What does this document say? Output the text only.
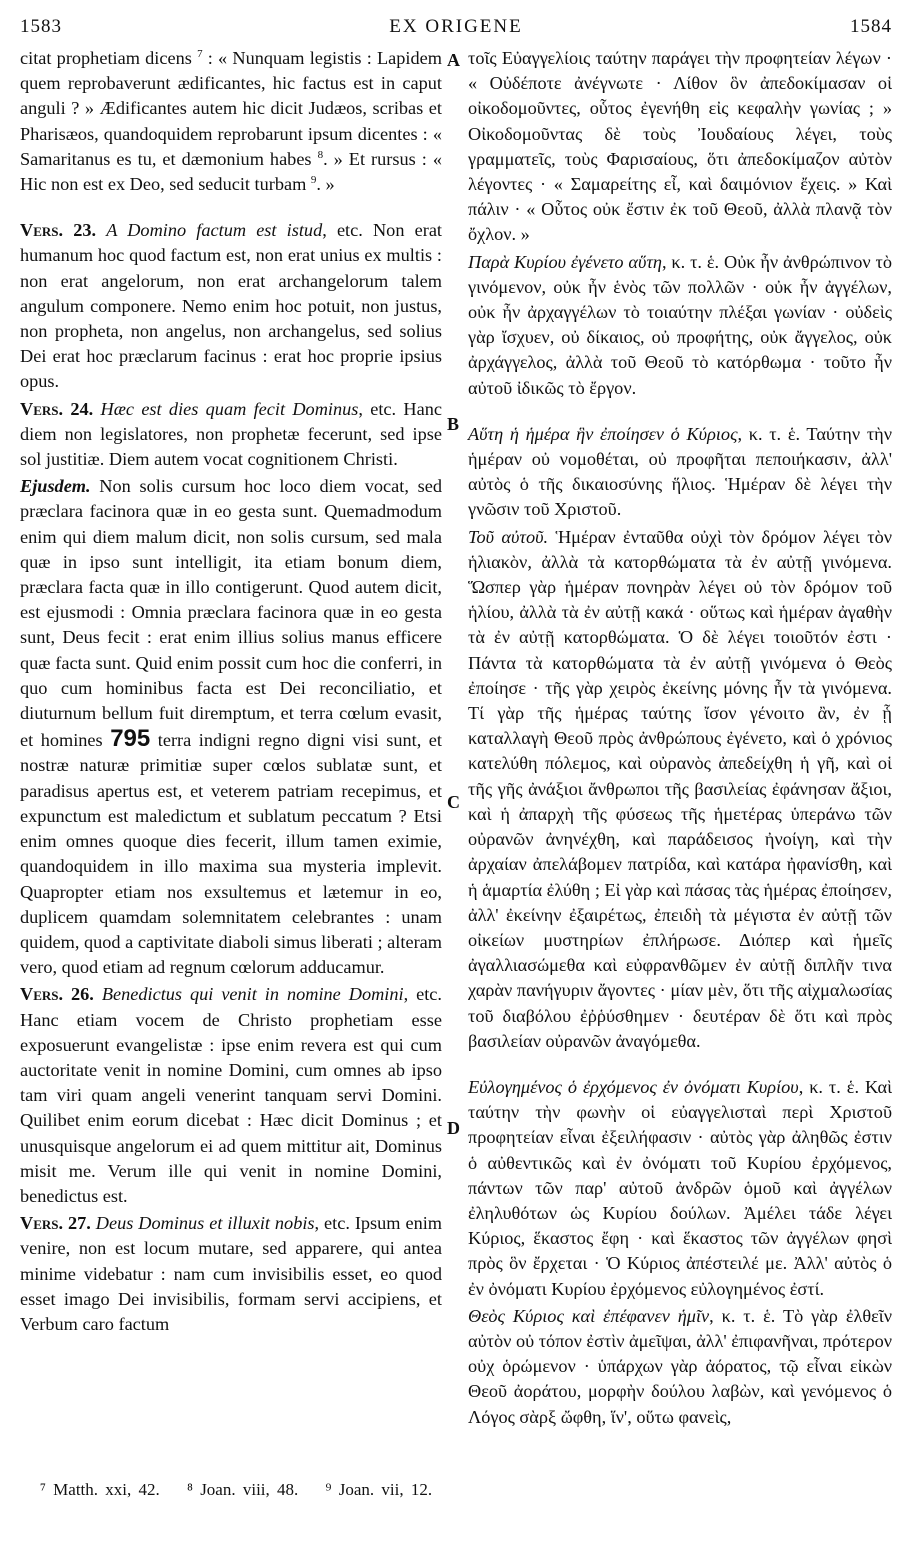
1583	EX ORIGENE	1584

citat prophetiam dicens $^7$ : « Nunquam legistis : Lapidem quem reprobaverunt ædificantes, hic factus est in caput anguli ? » Ædificantes autem hic dicit Judæos, scribas et Pharisæos, quandoquidem reprobarunt ipsum dicentes : « Samaritanus es tu, et dæmonium habes $^8$. » Et rursus : « Hic non est ex Deo, sed seducit turbam $^9$. »

Vers. 23. A Domino factum est istud, etc. Non erat humanum hoc quod factum est, non erat unius ex multis : non erat angelorum, non erat archangelorum talem angulum componere. Nemo enim hoc potuit, non justus, non propheta, non angelus, non archangelus, sed solius Dei erat hoc præclarum facinus : erat hoc proprie ipsius opus.

Vers. 24. Hæc est dies quam fecit Dominus, etc. Hanc diem non legislatores, non prophetæ fecerunt, sed ipse sol justitiæ. Diem autem vocat cognitionem Christi.

Ejusdem. Non solis cursum hoc loco diem vocat, sed præclara facinora quæ in eo gesta sunt. Quemadmodum enim qui diem malum dicit, non solis cursum, sed mala quæ in ipso sunt intelligit, ita etiam bonum diem, præclara facta quæ in illo contigerunt. Quod autem dicit, est ejusmodi : Omnia præclara facinora quæ in eo gesta sunt, Deus fecit : erat enim illius solius manus efficere quæ facta sunt. Quid enim possit cum hoc die conferri, in quo cum hominibus facta est Dei reconciliatio, et diuturnum bellum fuit diremptum, et terra cœlum evasit, et homines 795 terra indigni regno digni visi sunt, et nostræ naturæ primitiæ super cœlos sublatæ sunt, et paradisus apertus est, et veterem patriam recepimus, et expunctum est maledictum et sublatum peccatum ? Etsi enim omnes quoque dies fecerit, illum tamen eximie, quandoquidem in illo maxima sua mysteria implevit. Quapropter etiam nos exsultemus et lætemur in eo, duplicem quamdam solemnitatem celebrantes : unam quidem, quod a captivitate diaboli simus liberati ; alteram vero, quod etiam ad regnum cœlorum adducamur.

Vers. 26. Benedictus qui venit in nomine Domini, etc. Hanc etiam vocem de Christo prophetiam esse exposuerunt evangelistæ : ipse enim revera est qui cum auctoritate venit in nomine Domini, cum omnes ab ipso tam viri quam angeli venerint tanquam servi Domini. Quilibet enim eorum dicebat : Hæc dicit Dominus ; et unusquisque angelorum ei ad quem mittitur ait, Dominus misit me. Verum ille qui venit in nomine Domini, benedictus est.

Vers. 27. Deus Dominus et illuxit nobis, etc. Ipsum enim venire, non est locum mutare, sed apparere, qui antea minime videbatur : nam cum invisibilis esset, eo quod esset imago Dei invisibilis, formam servi accipiens, et Verbum caro factum

τοῖς Εὐαγγελίοις ταύτην παράγει τὴν προφητείαν λέγων · « Οὐδέποτε ἀνέγνωτε · Λίθον ὃν ἀπεδοκίμασαν οἱ οἰκοδομοῦντες, οὗτος ἐγενήθη εἰς κεφαλὴν γωνίας ; » Οἰκοδομοῦντας δὲ τοὺς Ἰουδαίους λέγει, τοὺς γραμματεῖς, τοὺς Φαρισαίους, ὅτι ἀπεδοκίμαζον αὐτὸν λέγοντες · « Σαμαρείτης εἶ, καὶ δαιμόνιον ἔχεις. » Καὶ πάλιν · « Οὗτος οὐκ ἔστιν ἐκ τοῦ Θεοῦ, ἀλλὰ πλανᾷ τὸν ὄχλον. »

Παρὰ Κυρίου ἐγένετο αὕτη, κ. τ. ἑ. Οὐκ ἦν ἀνθρώπινον τὸ γινόμενον, οὐκ ἦν ἑνὸς τῶν πολλῶν · οὐκ ἦν ἀγγέλων, οὐκ ἦν ἀρχαγγέλων τὸ τοιαύτην πλέξαι γωνίαν · οὐδεὶς γὰρ ἴσχυεν, οὐ δίκαιος, οὐ προφήτης, οὐκ ἄγγελος, οὐκ ἀρχάγγελος, ἀλλὰ τοῦ Θεοῦ τὸ κατόρθωμα · τοῦτο ἦν αὐτοῦ ἰδικῶς τὸ ἔργον.

Αὕτη ἡ ἡμέρα ἣν ἐποίησεν ὁ Κύριος, κ. τ. ἑ. Ταύτην τὴν ἡμέραν οὐ νομοθέται, οὐ προφῆται πεποιήκασιν, ἀλλ' αὐτὸς ὁ τῆς δικαιοσύνης ἥλιος. Ἡμέραν δὲ λέγει τὴν γνῶσιν τοῦ Χριστοῦ.

Τοῦ αὐτοῦ. Ἡμέραν ἐνταῦθα οὐχὶ τὸν δρόμον λέγει τὸν ἡλιακὸν, ἀλλὰ τὰ κατορθώματα τὰ ἐν αὐτῇ γινόμενα. Ὥσπερ γὰρ ἡμέραν πονηρὰν λέγει οὐ τὸν δρόμον τοῦ ἡλίου, ἀλλὰ τὰ ἐν αὐτῇ κακά · οὕτως καὶ ἡμέραν ἀγαθὴν τὰ ἐν αὐτῇ κατορθώματα. Ὁ δὲ λέγει τοιοῦτόν ἐστι · Πάντα τὰ κατορθώματα τὰ ἐν αὐτῇ γινόμενα ὁ Θεὸς ἐποίησε · τῆς γὰρ χειρὸς ἐκείνης μόνης ἦν τὰ γινόμενα. Τί γὰρ τῆς ἡμέρας ταύτης ἴσον γένοιτο ἂν, ἐν ᾗ καταλλαγὴ Θεοῦ πρὸς ἀνθρώπους ἐγένετο, καὶ ὁ χρόνιος κατελύθη πόλεμος, καὶ οὐρανὸς ἀπεδείχθη ἡ γῆ, καὶ οἱ τῆς γῆς ἀνάξιοι ἄνθρωποι τῆς βασιλείας ἐφάνησαν ἄξιοι, καὶ ἡ ἀπαρχὴ τῆς φύσεως τῆς ἡμετέρας ὑπεράνω τῶν οὐρανῶν ἀνηνέχθη, καὶ παράδεισος ἠνοίγη, καὶ τὴν ἀρχαίαν ἀπελάβομεν πατρίδα, καὶ κατάρα ἠφανίσθη, καὶ ἡ ἁμαρτία ἐλύθη ; Εἰ γὰρ καὶ πάσας τὰς ἡμέρας ἐποίησεν, ἀλλ' ἐκείνην ἐξαιρέτως, ἐπειδὴ τὰ μέγιστα ἐν αὐτῇ τῶν οἰκείων μυστηρίων ἐπλήρωσε. Διόπερ καὶ ἡμεῖς ἀγαλλιασώμεθα καὶ εὐφρανθῶμεν ἐν αὐτῇ διπλῆν τινα χαρὰν πανήγυριν ἄγοντες · μίαν μὲν, ὅτι τῆς αἰχμαλωσίας τοῦ διαβόλου ἐῤῥύσθημεν · δευτέραν δὲ ὅτι καὶ πρὸς βασιλείαν οὐρανῶν ἀναγόμεθα.

Εὐλογημένος ὁ ἐρχόμενος ἐν ὀνόματι Κυρίου, κ. τ. ἑ. Καὶ ταύτην τὴν φωνὴν οἱ εὐαγγελισταὶ περὶ Χριστοῦ προφητείαν εἶναι ἐξειλήφασιν · αὐτὸς γὰρ ἀληθῶς ἐστιν ὁ αὐθεντικῶς καὶ ἐν ὀνόματι τοῦ Κυρίου ἐρχόμενος, πάντων τῶν παρ' αὐτοῦ ἀνδρῶν ὁμοῦ καὶ ἀγγέλων ἐληλυθότων ὡς Κυρίου δούλων. Ἀμέλει τάδε λέγει Κύριος, ἕκαστος ἔφη · καὶ ἕκαστος τῶν ἀγγέλων φησὶ πρὸς ὃν ἔρχεται · Ὁ Κύριος ἀπέστειλέ με. Ἀλλ' αὐτὸς ὁ ἐν ὀνόματι Κυρίου ἐρχόμενος εὐλογημένος ἐστί.

Θεὸς Κύριος καὶ ἐπέφανεν ἡμῖν, κ. τ. ἑ. Τὸ γὰρ ἐλθεῖν αὐτὸν οὐ τόπον ἐστὶν ἀμεῖψαι, ἀλλ' ἐπιφανῆναι, πρότερον οὐχ ὁρώμενον · ὑπάρχων γὰρ ἀόρατος, τῷ εἶναι εἰκὼν Θεοῦ ἀοράτου, μορφὴν δούλου λαβὼν, καὶ γενόμενος ὁ Λόγος σὰρξ ὤφθη, ἵν', οὕτω φανεὶς,

A
B
C
D
⁷ Matth. xxi, 42. ⁸ Joan. viii, 48. ⁹ Joan. vii, 12.
